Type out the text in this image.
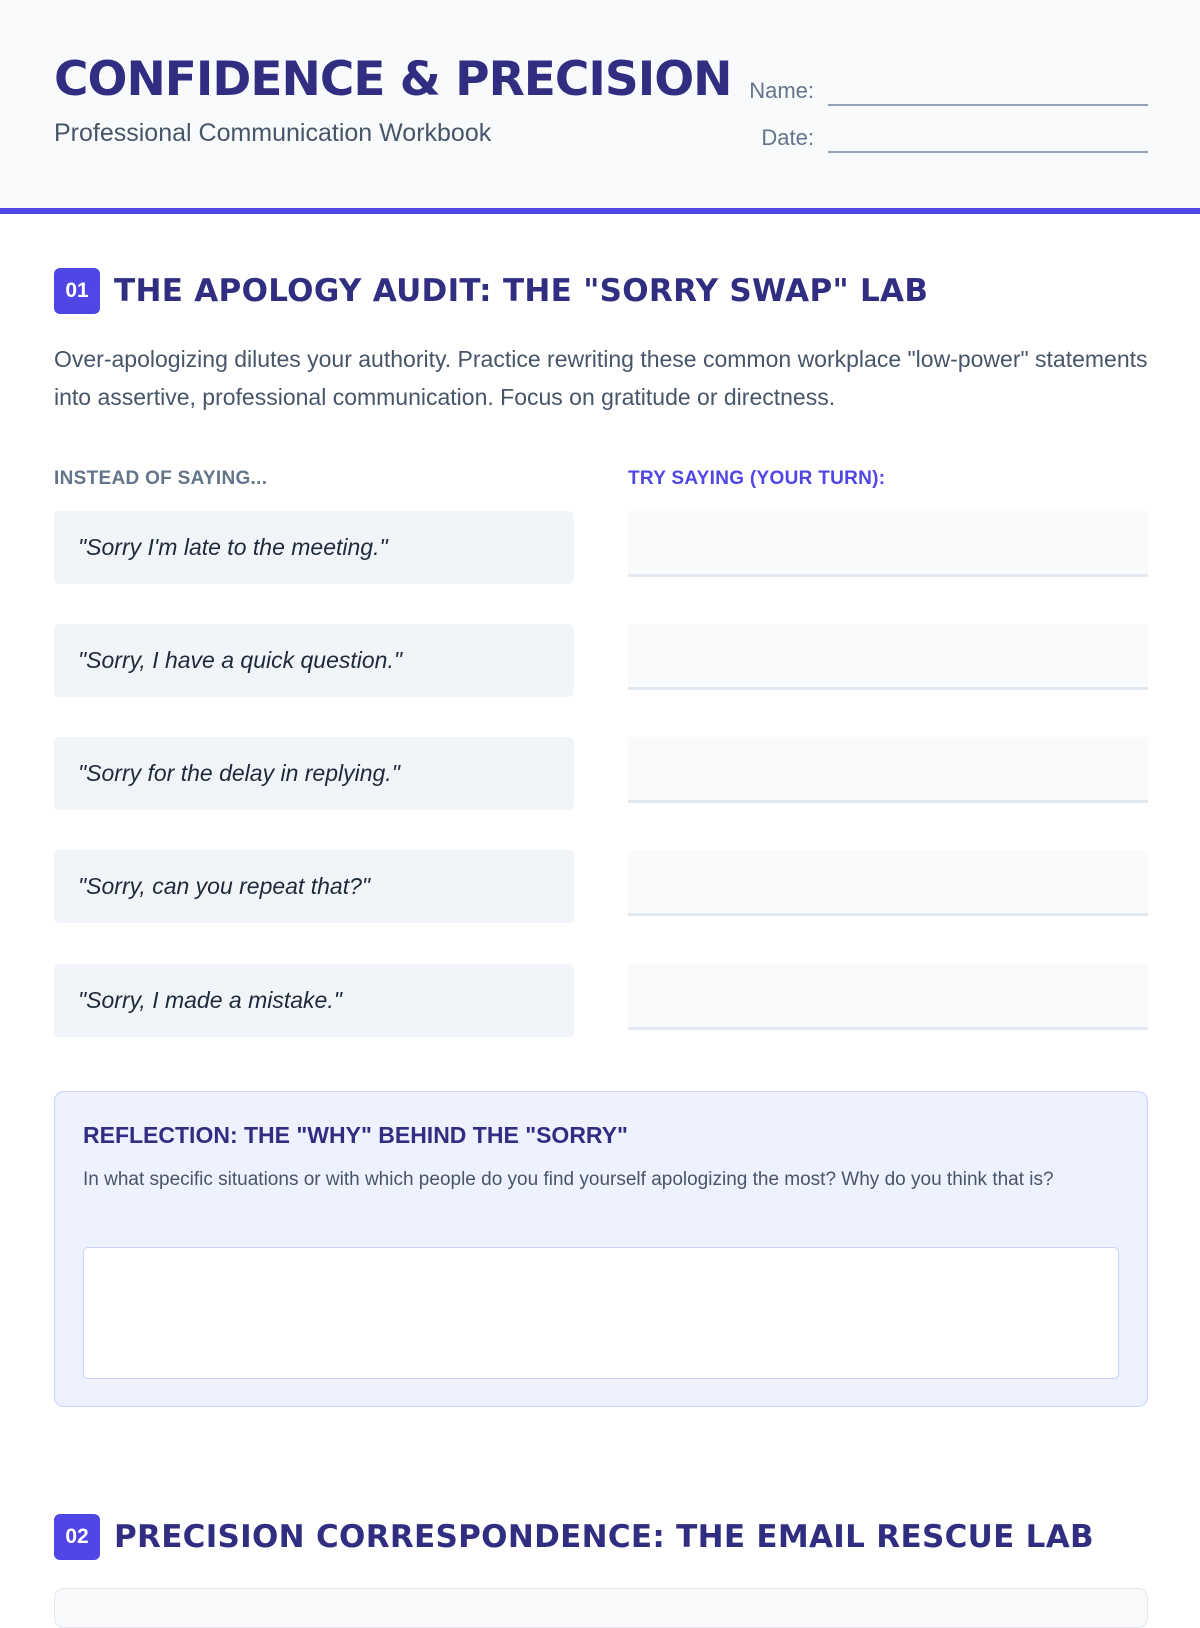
CONFIDENCE & PRECISION
Professional Communication Workbook
Name:
Date:
01 THE APOLOGY AUDIT: THE "SORRY SWAP" LAB
Over-apologizing dilutes your authority. Practice rewriting these common workplace "low-power" statements into assertive, professional communication. Focus on gratitude or directness.
INSTEAD OF SAYING...	TRY SAYING (YOUR TURN):
"Sorry I'm late to the meeting."
"Sorry, I have a quick question."
"Sorry for the delay in replying."
"Sorry, can you repeat that?"
"Sorry, I made a mistake."
REFLECTION: THE "WHY" BEHIND THE "SORRY"
In what specific situations or with which people do you find yourself apologizing the most? Why do you think that is?
02 PRECISION CORRESPONDENCE: THE EMAIL RESCUE LAB
